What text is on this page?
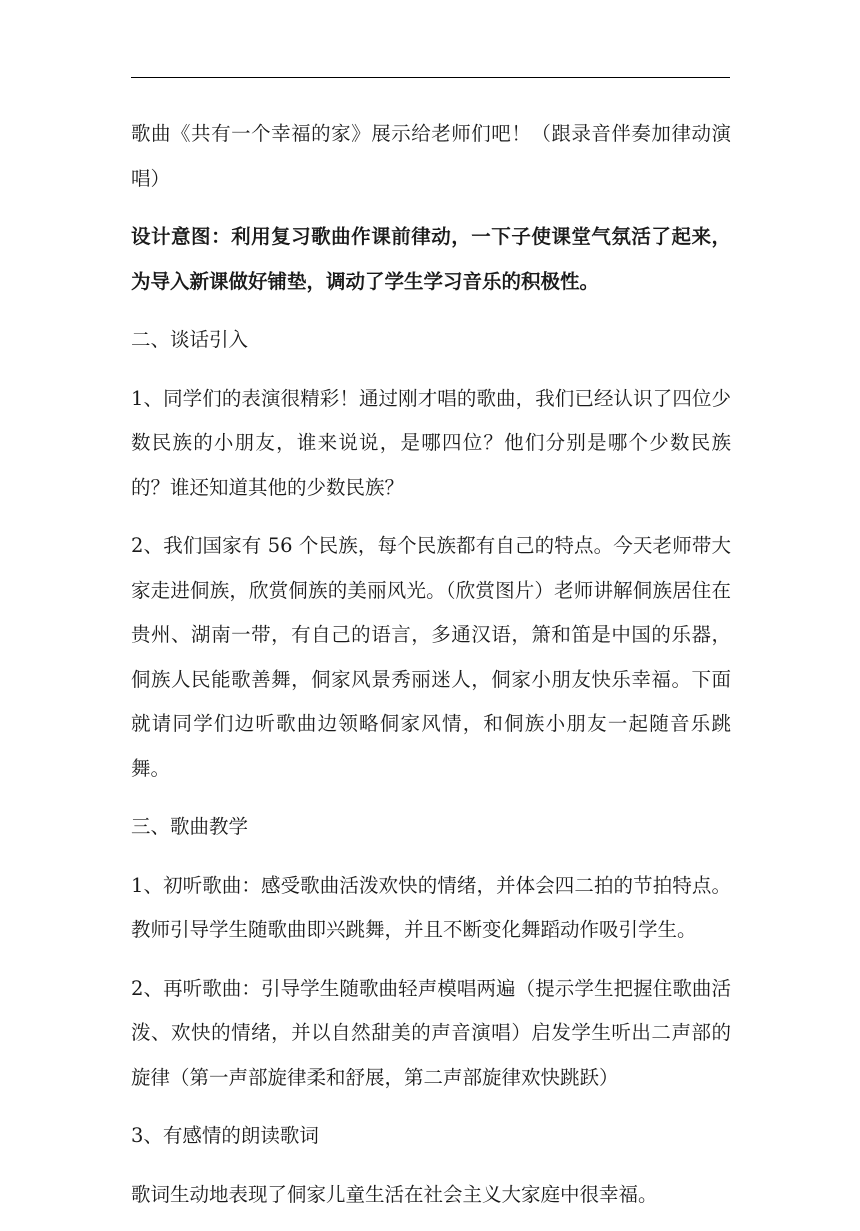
歌曲《共有一个幸福的家》展示给老师们吧！（跟录音伴奏加律动演唱）

设计意图：利用复习歌曲作课前律动，一下子使课堂气氛活了起来，为导入新课做好铺垫，调动了学生学习音乐的积极性。

二、谈话引入

1、同学们的表演很精彩！通过刚才唱的歌曲，我们已经认识了四位少数民族的小朋友，谁来说说，是哪四位？他们分别是哪个少数民族的？谁还知道其他的少数民族？

2、我们国家有 56 个民族，每个民族都有自己的特点。今天老师带大家走进侗族，欣赏侗族的美丽风光。（欣赏图片）老师讲解侗族居住在贵州、湖南一带，有自己的语言，多通汉语，箫和笛是中国的乐器，侗族人民能歌善舞，侗家风景秀丽迷人，侗家小朋友快乐幸福。下面就请同学们边听歌曲边领略侗家风情，和侗族小朋友一起随音乐跳舞。

三、歌曲教学

1、初听歌曲：感受歌曲活泼欢快的情绪，并体会四二拍的节拍特点。教师引导学生随歌曲即兴跳舞，并且不断变化舞蹈动作吸引学生。

2、再听歌曲：引导学生随歌曲轻声模唱两遍（提示学生把握住歌曲活泼、欢快的情绪，并以自然甜美的声音演唱）启发学生听出二声部的旋律（第一声部旋律柔和舒展，第二声部旋律欢快跳跃）

3、有感情的朗读歌词

歌词生动地表现了侗家儿童生活在社会主义大家庭中很幸福。
